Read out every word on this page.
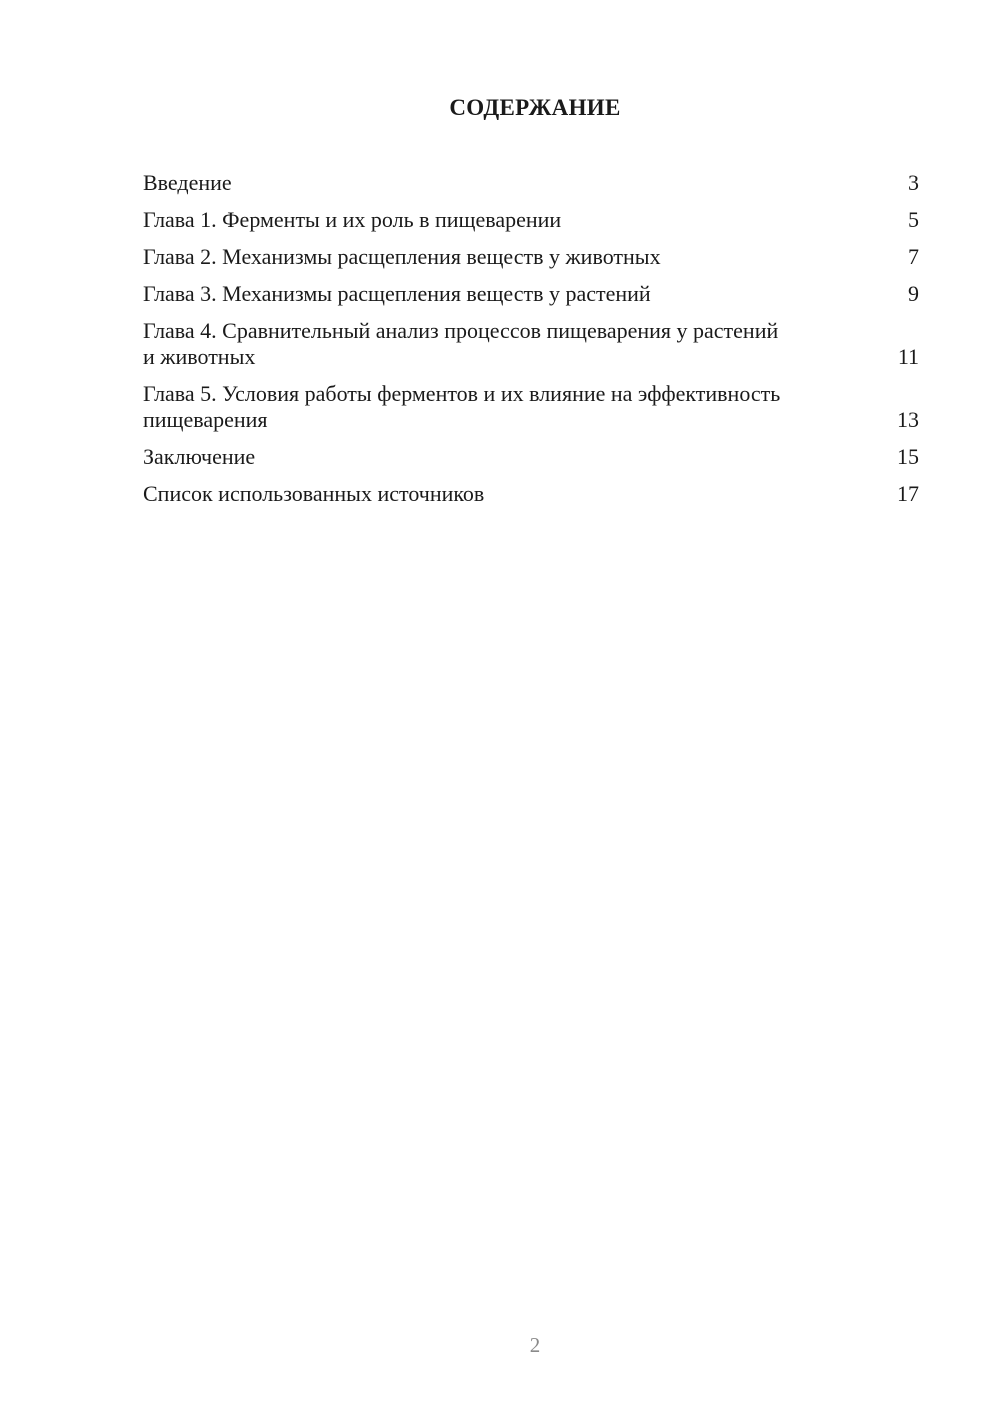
СОДЕРЖАНИЕ
Введение	3
Глава 1. Ферменты и их роль в пищеварении	5
Глава 2. Механизмы расщепления веществ у животных	7
Глава 3. Механизмы расщепления веществ у растений	9
Глава 4. Сравнительный анализ процессов пищеварения у растений и животных	11
Глава 5. Условия работы ферментов и их влияние на эффективность пищеварения	13
Заключение	15
Список использованных источников	17
2
